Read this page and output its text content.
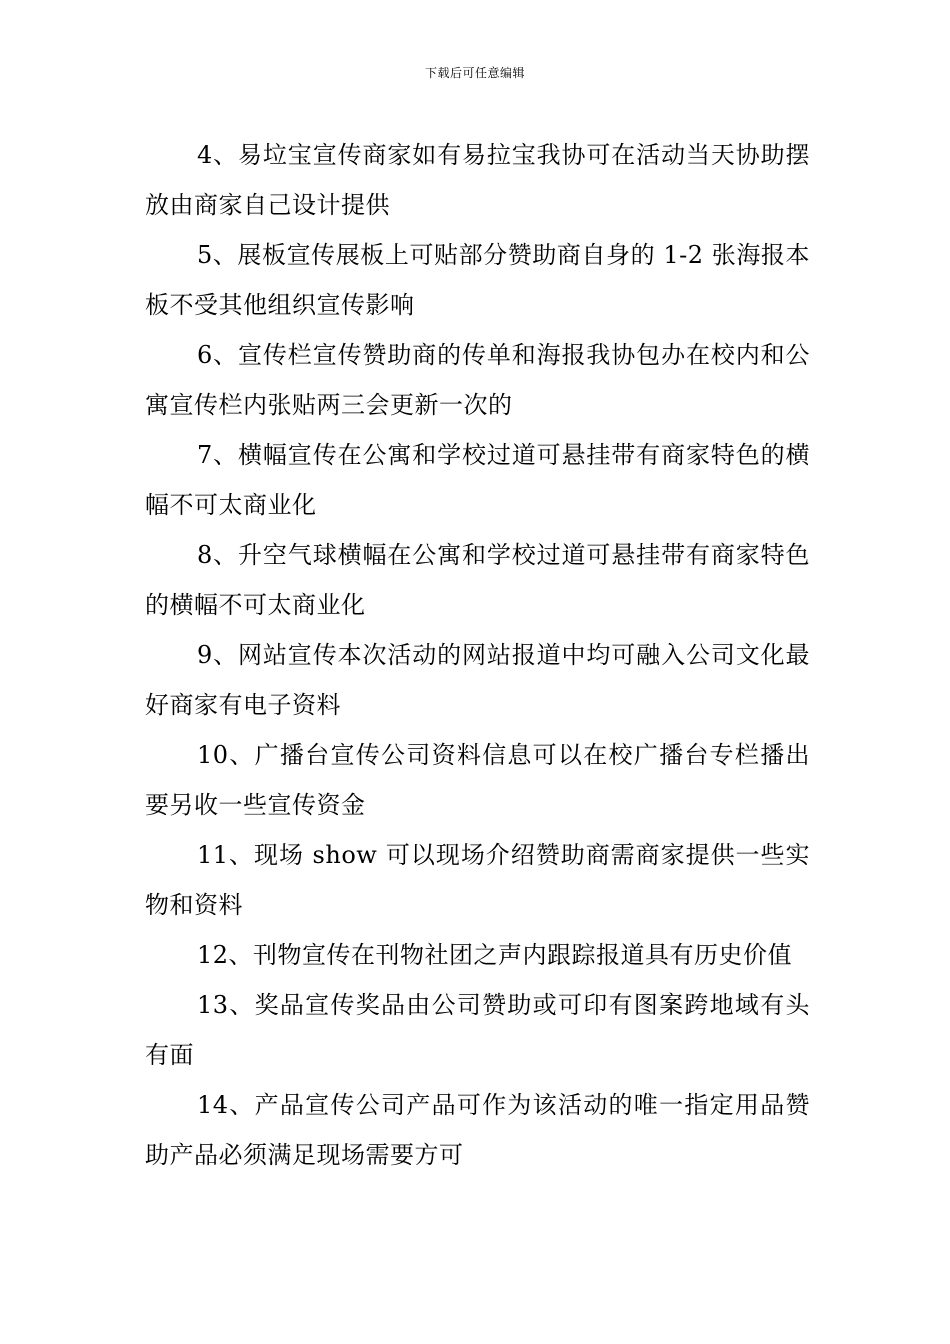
下载后可任意编辑

4、易垃宝宣传商家如有易拉宝我协可在活动当天协助摆放由商家自己设计提供

5、展板宣传展板上可贴部分赞助商自身的 1-2 张海报本板不受其他组织宣传影响

6、宣传栏宣传赞助商的传单和海报我协包办在校内和公寓宣传栏内张贴两三会更新一次的

7、横幅宣传在公寓和学校过道可悬挂带有商家特色的横幅不可太商业化

8、升空气球横幅在公寓和学校过道可悬挂带有商家特色的横幅不可太商业化

9、网站宣传本次活动的网站报道中均可融入公司文化最好商家有电子资料

10、广播台宣传公司资料信息可以在校广播台专栏播出要另收一些宣传资金

11、现场 show 可以现场介绍赞助商需商家提供一些实物和资料

12、刊物宣传在刊物社团之声内跟踪报道具有历史价值

13、奖品宣传奖品由公司赞助或可印有图案跨地域有头有面

14、产品宣传公司产品可作为该活动的唯一指定用品赞助产品必须满足现场需要方可
